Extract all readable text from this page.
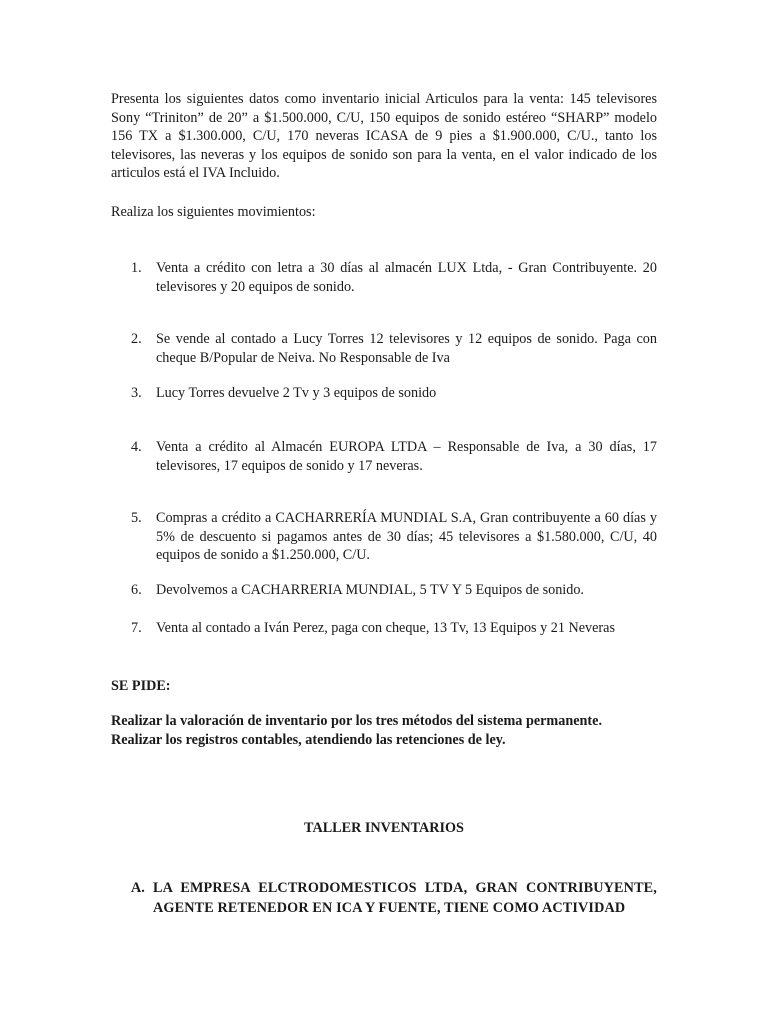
Presenta los siguientes datos como inventario inicial Articulos para la venta: 145 televisores Sony “Triniton” de 20” a $1.500.000, C/U, 150 equipos de sonido estéreo “SHARP” modelo 156 TX a $1.300.000, C/U, 170 neveras ICASA de 9 pies a $1.900.000, C/U., tanto los televisores, las neveras y los equipos de sonido son para la venta, en el valor indicado de los articulos está el IVA Incluido.

Realiza los siguientes movimientos:

1.	Venta a crédito con letra a 30 días al almacén LUX Ltda, - Gran Contribuyente. 20 televisores y 20 equipos de sonido.
2.	Se vende al contado a Lucy Torres 12 televisores y 12 equipos de sonido. Paga con cheque B/Popular de Neiva. No Responsable de Iva
3.	Lucy Torres devuelve 2 Tv y 3 equipos de sonido
4.	Venta a crédito al Almacén EUROPA LTDA – Responsable de Iva, a 30 días, 17 televisores, 17 equipos de sonido y 17 neveras.
5.	Compras a crédito a CACHARRERÍA MUNDIAL S.A, Gran contribuyente a 60 días y 5% de descuento si pagamos antes de 30 días; 45 televisores a $1.580.000, C/U, 40 equipos de sonido a $1.250.000, C/U.
6.	Devolvemos a CACHARRERIA MUNDIAL, 5 TV Y 5 Equipos de sonido.
7.	Venta al contado a Iván Perez, paga con cheque, 13 Tv, 13 Equipos y 21 Neveras

SE PIDE:

Realizar la valoración de inventario por los tres métodos del sistema permanente.
Realizar los registros contables, atendiendo las retenciones de ley.

TALLER INVENTARIOS

A. LA EMPRESA ELCTRODOMESTICOS LTDA, GRAN CONTRIBUYENTE, AGENTE RETENEDOR EN ICA Y FUENTE, TIENE COMO ACTIVIDAD
